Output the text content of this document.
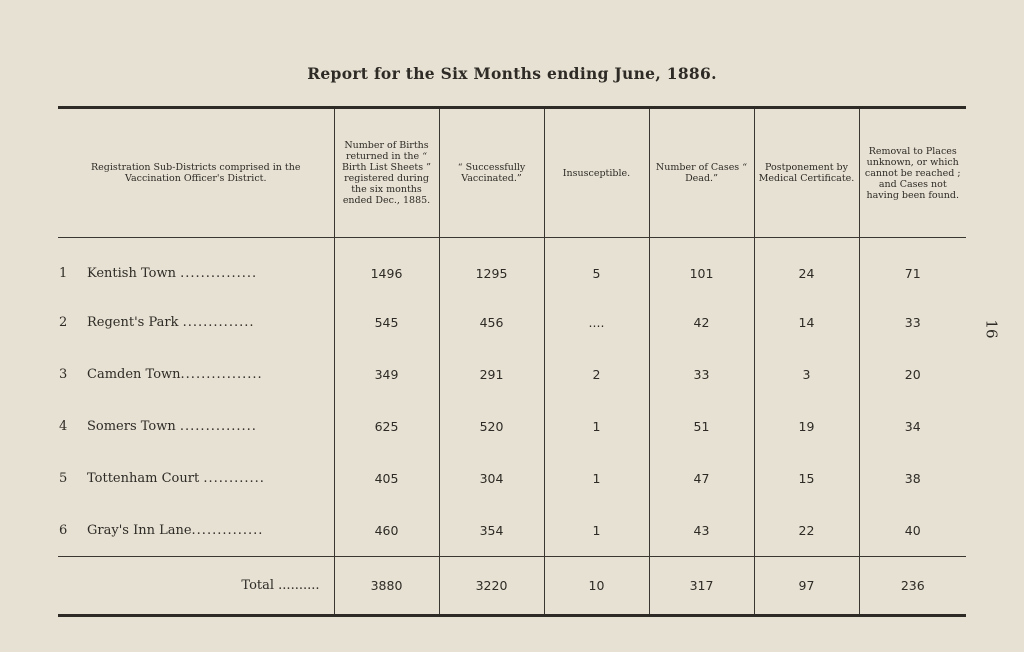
Report for the Six Months ending June, 1886.
16
Registration Sub-Districts comprised in the Vaccination Officer's District.	Number of Births returned in the “ Birth List Sheets ” registered during the six months ended Dec., 1885.	“ Successfully Vaccinated.”	Insusceptible.	Number of Cases “ Dead.”	Postponement by Medical Certificate.	Removal to Places unknown, or which cannot be reached ; and Cases not having been found.
1 Kentish Town ...............	1496	1295	5	101	24	71
2 Regent's Park ..............	545	456	....	42	14	33
3 Camden Town................	349	291	2	33	3	20
4 Somers Town ...............	625	520	1	51	19	34
5 Tottenham Court ............	405	304	1	47	15	38
6 Gray's Inn Lane..............	460	354	1	43	22	40
Total ..........	3880	3220	10	317	97	236
